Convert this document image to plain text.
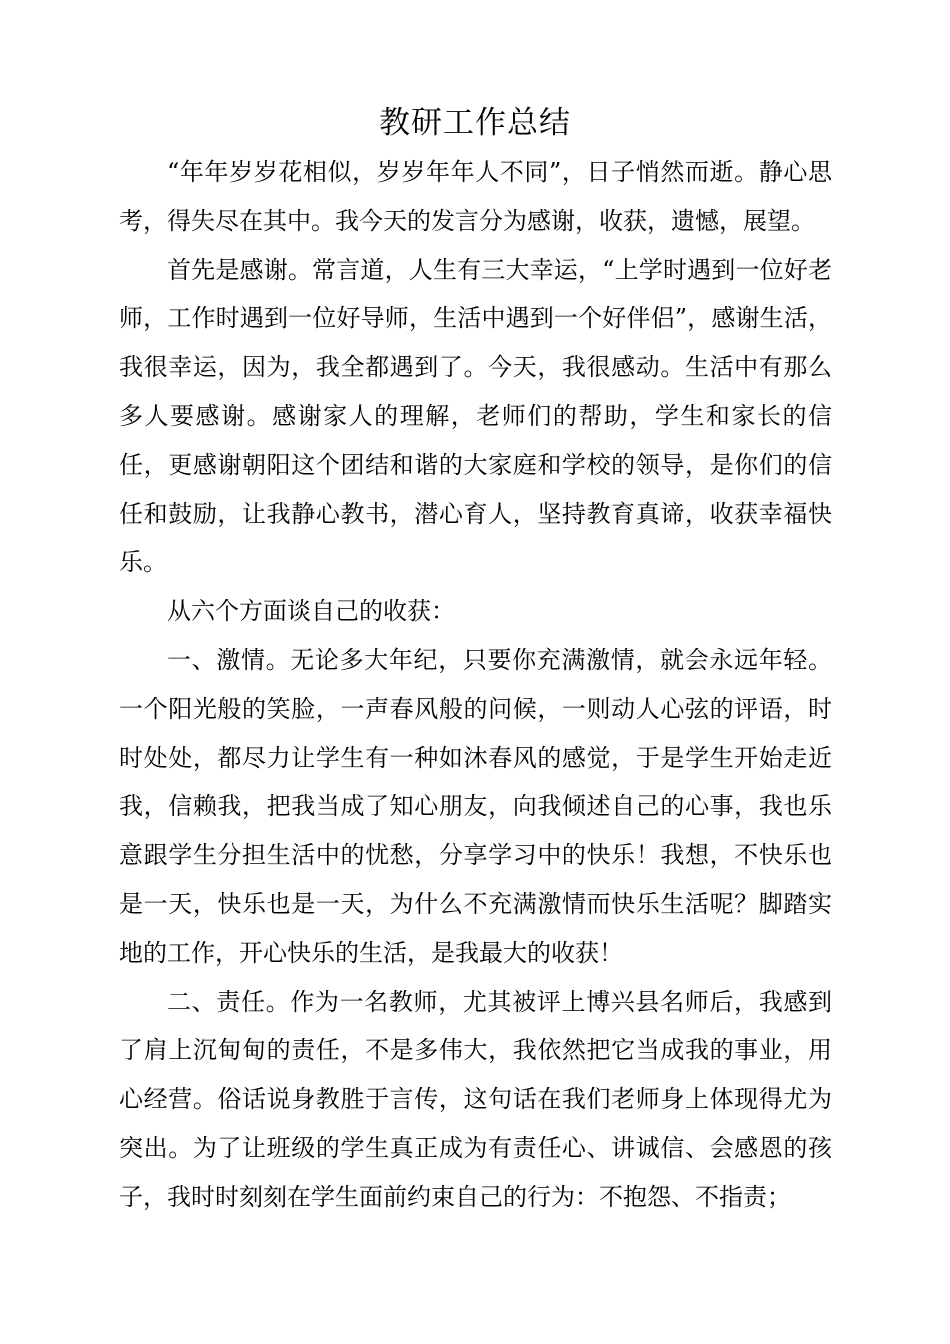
教研工作总结

“年年岁岁花相似，岁岁年年人不同”，日子悄然而逝。静心思考，得失尽在其中。我今天的发言分为感谢，收获，遗憾，展望。

首先是感谢。常言道，人生有三大幸运，“上学时遇到一位好老师，工作时遇到一位好导师，生活中遇到一个好伴侣”，感谢生活，我很幸运，因为，我全都遇到了。今天，我很感动。生活中有那么多人要感谢。感谢家人的理解，老师们的帮助，学生和家长的信任，更感谢朝阳这个团结和谐的大家庭和学校的领导，是你们的信任和鼓励，让我静心教书，潜心育人，坚持教育真谛，收获幸福快乐。

从六个方面谈自己的收获：

一、激情。无论多大年纪，只要你充满激情，就会永远年轻。一个阳光般的笑脸，一声春风般的问候，一则动人心弦的评语，时时处处，都尽力让学生有一种如沐春风的感觉，于是学生开始走近我，信赖我，把我当成了知心朋友，向我倾述自己的心事，我也乐意跟学生分担生活中的忧愁，分享学习中的快乐！我想，不快乐也是一天，快乐也是一天，为什么不充满激情而快乐生活呢？脚踏实地的工作，开心快乐的生活，是我最大的收获！

二、责任。作为一名教师，尤其被评上博兴县名师后，我感到了肩上沉甸甸的责任，不是多伟大，我依然把它当成我的事业，用心经营。俗话说身教胜于言传，这句话在我们老师身上体现得尤为突出。为了让班级的学生真正成为有责任心、讲诚信、会感恩的孩子，我时时刻刻在学生面前约束自己的行为：不抱怨、不指责；
